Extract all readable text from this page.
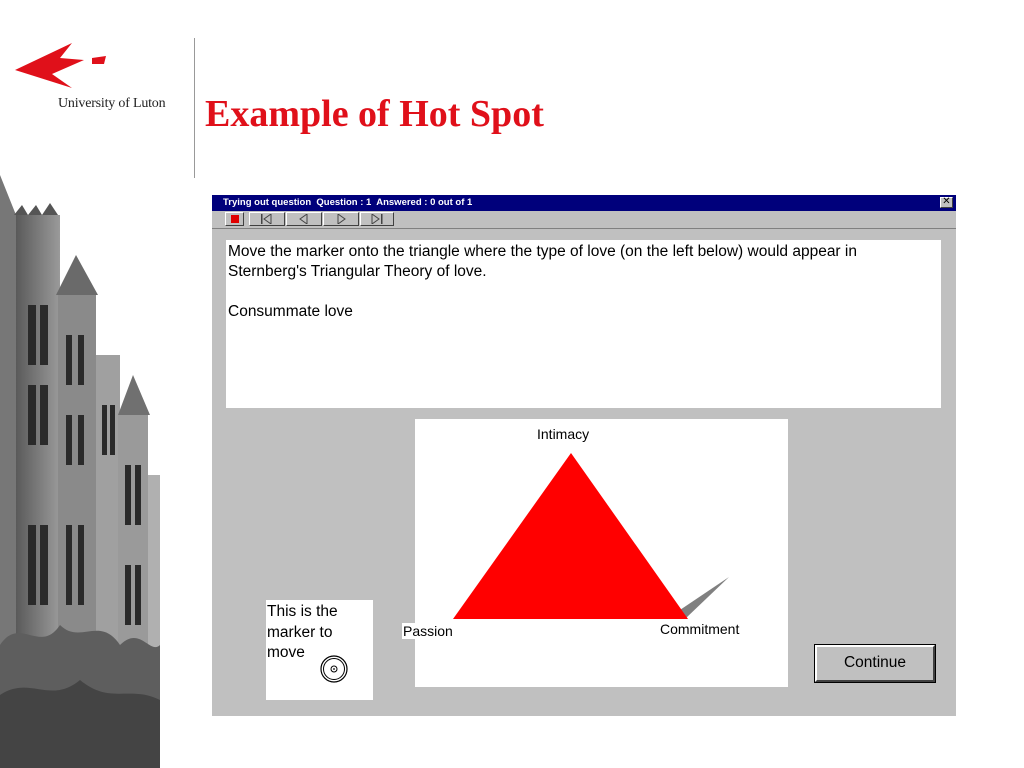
University of Luton Example of Hot Spot
Trying out question  Question : 1  Answered : 0 out of 1	✕

Move the marker onto the triangle where the type of love (on the left below) would appear in Sternberg's Triangular Theory of love.

Consummate love

Intimacy
Passion	Commitment
This is the marker to move
Continue
